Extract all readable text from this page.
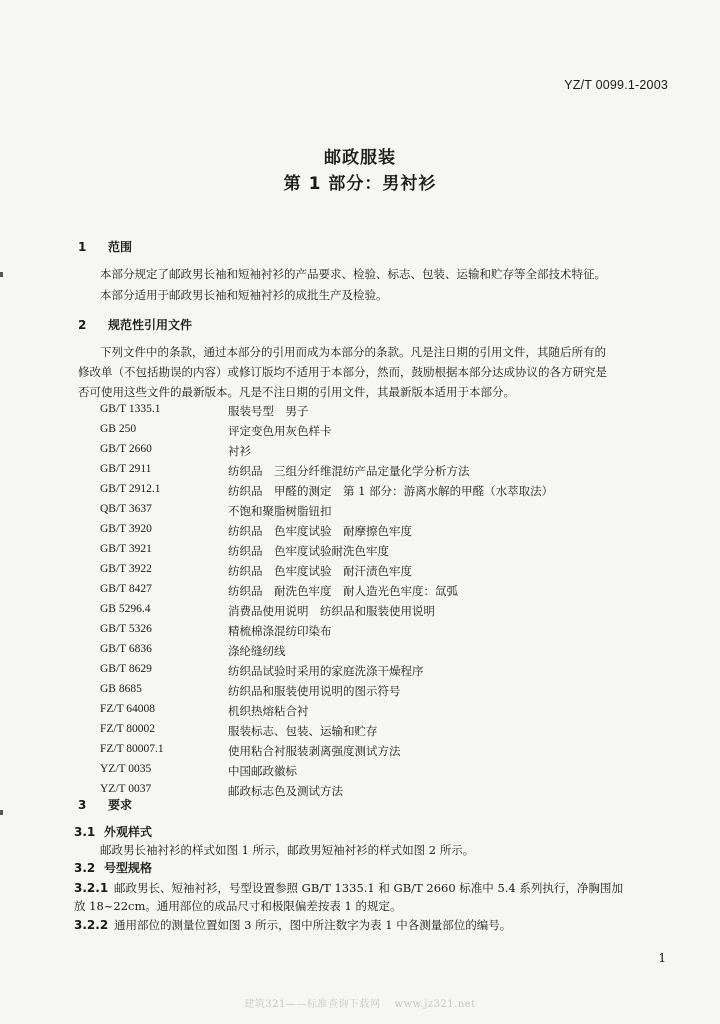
YZ/T 0099.1-2003
邮政服装
第 1 部分：男衬衫
1 范围
本部分规定了邮政男长袖和短袖衬衫的产品要求、检验、标志、包装、运输和贮存等全部技术特征。
本部分适用于邮政男长袖和短袖衬衫的成批生产及检验。
2 规范性引用文件
下列文件中的条款，通过本部分的引用而成为本部分的条款。凡是注日期的引用文件，其随后所有的
修改单（不包括勘误的内容）或修订版均不适用于本部分，然而，鼓励根据本部分达成协议的各方研究是
否可使用这些文件的最新版本。凡是不注日期的引用文件，其最新版本适用于本部分。
GB/T 1335.1	服装号型　男子
GB 250	评定变色用灰色样卡
GB/T 2660	衬衫
GB/T 2911	纺织品　三组分纤维混纺产品定量化学分析方法
GB/T 2912.1	纺织品　甲醛的测定　第 1 部分：游离水解的甲醛（水萃取法）
QB/T 3637	不饱和聚脂树脂钮扣
GB/T 3920	纺织品　色牢度试验　耐摩擦色牢度
GB/T 3921	纺织品　色牢度试验耐洗色牢度
GB/T 3922	纺织品　色牢度试验　耐汗渍色牢度
GB/T 8427	纺织品　耐洗色牢度　耐人造光色牢度：氙弧
GB 5296.4	消费品使用说明　纺织品和服装使用说明
GB/T 5326	精梳棉涤混纺印染布
GB/T 6836	涤纶缝纫线
GB/T 8629	纺织品试验时采用的家庭洗涤干燥程序
GB 8685	纺织品和服装使用说明的图示符号
FZ/T 64008	机织热熔粘合衬
FZ/T 80002	服装标志、包装、运输和贮存
FZ/T 80007.1	使用粘合衬服装剥离强度测试方法
YZ/T 0035	中国邮政徽标
YZ/T 0037	邮政标志色及测试方法
3 要求
3.1 外观样式
邮政男长袖衬衫的样式如图 1 所示，邮政男短袖衬衫的样式如图 2 所示。
3.2 号型规格
3.2.1 邮政男长、短袖衬衫，号型设置参照 GB/T 1335.1 和 GB/T 2660 标准中 5.4 系列执行，净胸围加
放 18~22cm。通用部位的成品尺寸和极限偏差按表 1 的规定。
3.2.2 通用部位的测量位置如图 3 所示，图中所注数字为表 1 中各测量部位的编号。
1
建筑321——标准查询下载网　 www.jz321.net
